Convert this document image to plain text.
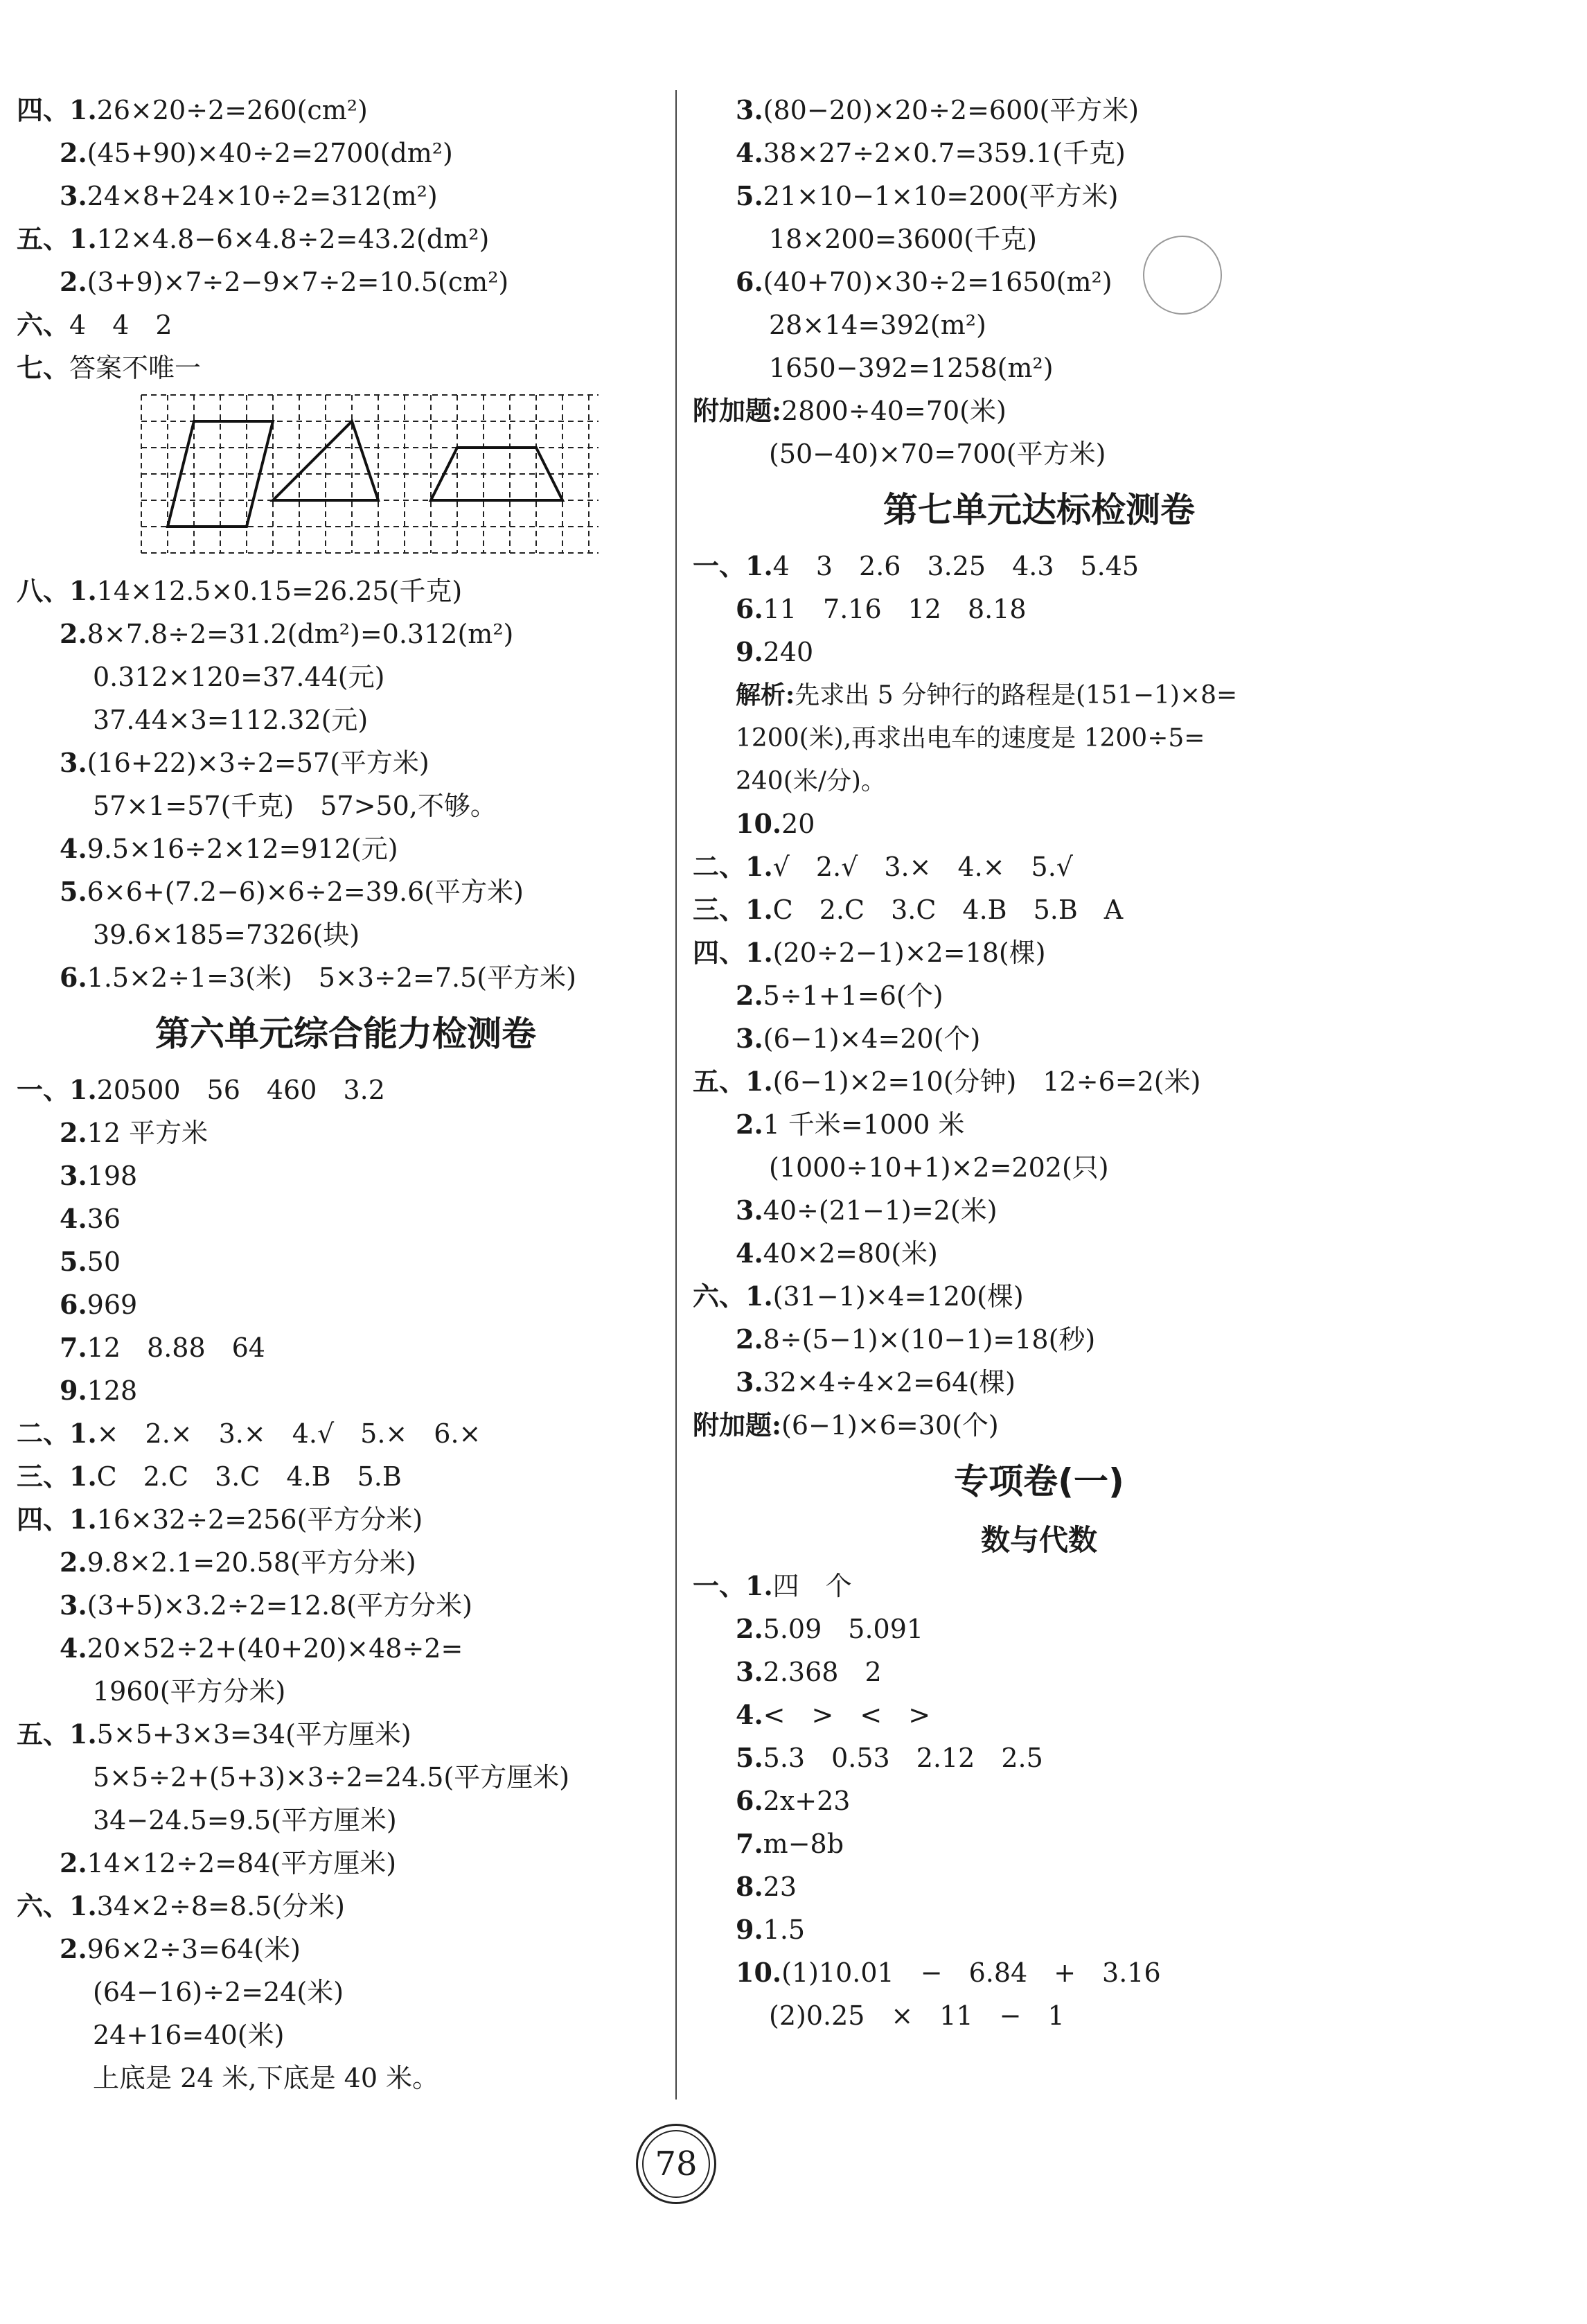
四、1.26×20÷2=260(cm²)
2.(45+90)×40÷2=2700(dm²)
3.24×8+24×10÷2=312(m²)
五、1.12×4.8−6×4.8÷2=43.2(dm²)
2.(3+9)×7÷2−9×7÷2=10.5(cm²)
六、4　4　2
七、答案不唯一
八、1.14×12.5×0.15=26.25(千克)
2.8×7.8÷2=31.2(dm²)=0.312(m²)
0.312×120=37.44(元)
37.44×3=112.32(元)
3.(16+22)×3÷2=57(平方米)
57×1=57(千克)　57>50,不够。
4.9.5×16÷2×12=912(元)
5.6×6+(7.2−6)×6÷2=39.6(平方米)
39.6×185=7326(块)
6.1.5×2÷1=3(米)　5×3÷2=7.5(平方米)
第六单元综合能力检测卷
一、1.20500　56　460　3.2
2.12 平方米
3.198
4.36
5.50
6.969
7.12　8.88　64
9.128
二、1.×　2.×　3.×　4.√　5.×　6.×
三、1.C　2.C　3.C　4.B　5.B
四、1.16×32÷2=256(平方分米)
2.9.8×2.1=20.58(平方分米)
3.(3+5)×3.2÷2=12.8(平方分米)
4.20×52÷2+(40+20)×48÷2=
1960(平方分米)
五、1.5×5+3×3=34(平方厘米)
5×5÷2+(5+3)×3÷2=24.5(平方厘米)
34−24.5=9.5(平方厘米)
2.14×12÷2=84(平方厘米)
六、1.34×2÷8=8.5(分米)
2.96×2÷3=64(米)
(64−16)÷2=24(米)
24+16=40(米)
上底是 24 米,下底是 40 米。
3.(80−20)×20÷2=600(平方米)
4.38×27÷2×0.7=359.1(千克)
5.21×10−1×10=200(平方米)
18×200=3600(千克)
6.(40+70)×30÷2=1650(m²)
28×14=392(m²)
1650−392=1258(m²)
附加题:2800÷40=70(米)
(50−40)×70=700(平方米)
第七单元达标检测卷
一、1.4　3　2.6　3.25　4.3　5.45
6.11　7.16　12　8.18
9.240
解析:先求出 5 分钟行的路程是(151−1)×8=
1200(米),再求出电车的速度是 1200÷5=
240(米/分)。
10.20
二、1.√　2.√　3.×　4.×　5.√
三、1.C　2.C　3.C　4.B　5.B　A
四、1.(20÷2−1)×2=18(棵)
2.5÷1+1=6(个)
3.(6−1)×4=20(个)
五、1.(6−1)×2=10(分钟)　12÷6=2(米)
2.1 千米=1000 米
(1000÷10+1)×2=202(只)
3.40÷(21−1)=2(米)
4.40×2=80(米)
六、1.(31−1)×4=120(棵)
2.8÷(5−1)×(10−1)=18(秒)
3.32×4÷4×2=64(棵)
附加题:(6−1)×6=30(个)
专项卷(一)
数与代数
一、1.四　个
2.5.09　5.091
3.2.368　2
4.<　>　<　>
5.5.3　0.53　2.12　2.5
6.2x+23
7.m−8b
8.23
9.1.5
10.(1)10.01　−　6.84　+　3.16
(2)0.25　×　11　−　1
78
